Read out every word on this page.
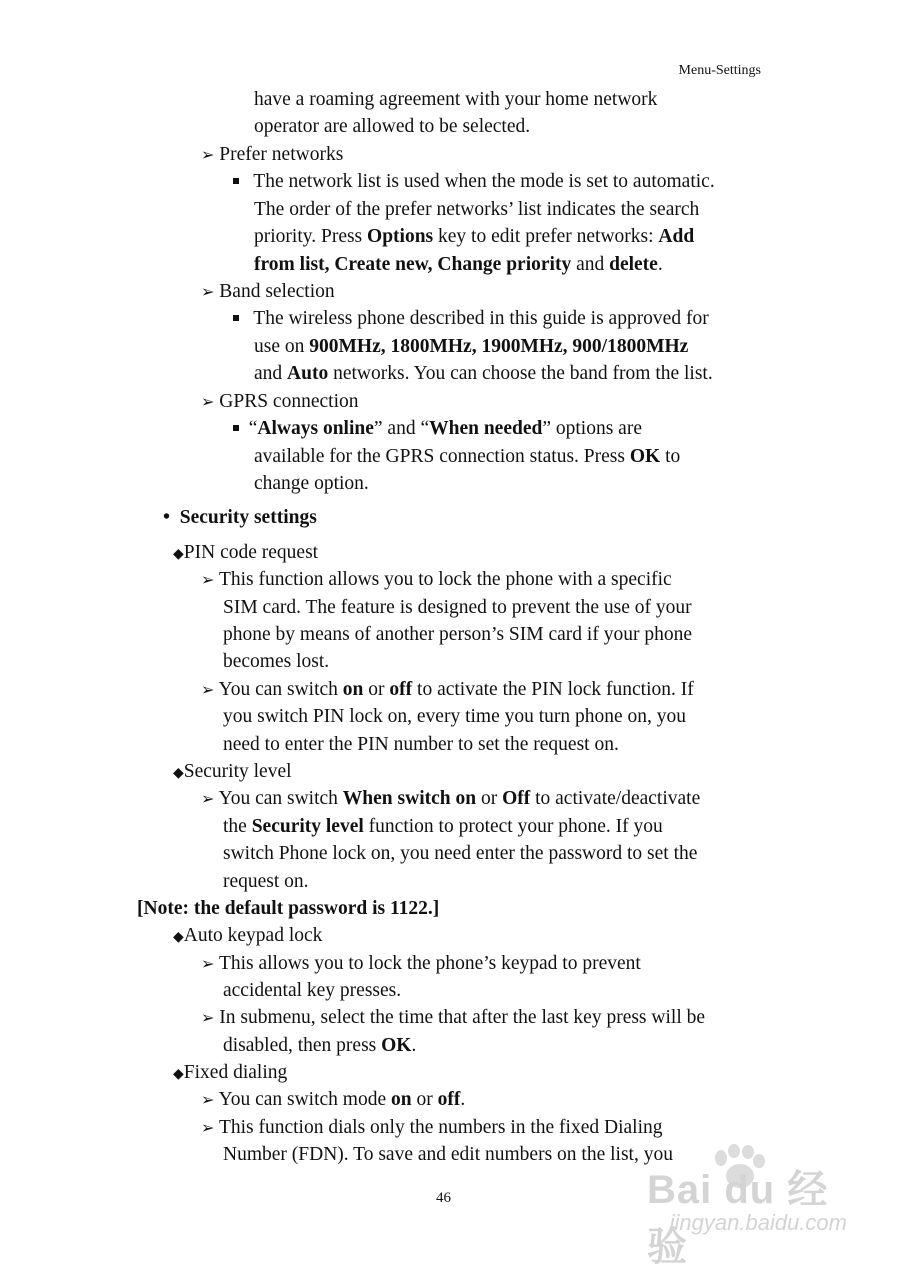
Menu-Settings
have a roaming agreement with your home network
operator are allowed to be selected.
➢ Prefer networks
The network list is used when the mode is set to automatic.
The order of the prefer networks’ list indicates the search
priority. Press Options key to edit prefer networks: Add
from list, Create new, Change priority and delete.
➢ Band selection
The wireless phone described in this guide is approved for
use on 900MHz, 1800MHz, 1900MHz, 900/1800MHz
and Auto networks. You can choose the band from the list.
➢ GPRS connection
“Always online” and “When needed” options are
available for the GPRS connection status. Press OK to
change option.
• Security settings
◆PIN code request
➢ This function allows you to lock the phone with a specific
SIM card. The feature is designed to prevent the use of your
phone by means of another person’s SIM card if your phone
becomes lost.
➢ You can switch on or off to activate the PIN lock function. If
you switch PIN lock on, every time you turn phone on, you
need to enter the PIN number to set the request on.
◆Security level
➢ You can switch When switch on or Off to activate/deactivate
the Security level function to protect your phone. If you
switch Phone lock on, you need enter the password to set the
request on.
[Note: the default password is 1122.]
◆Auto keypad lock
➢ This allows you to lock the phone’s keypad to prevent
accidental key presses.
➢ In submenu, select the time that after the last key press will be
disabled, then press OK.
◆Fixed dialing
➢ You can switch mode on or off.
➢ This function dials only the numbers in the fixed Dialing
Number (FDN). To save and edit numbers on the list, you
46	Bai du 经验
jingyan.baidu.com
